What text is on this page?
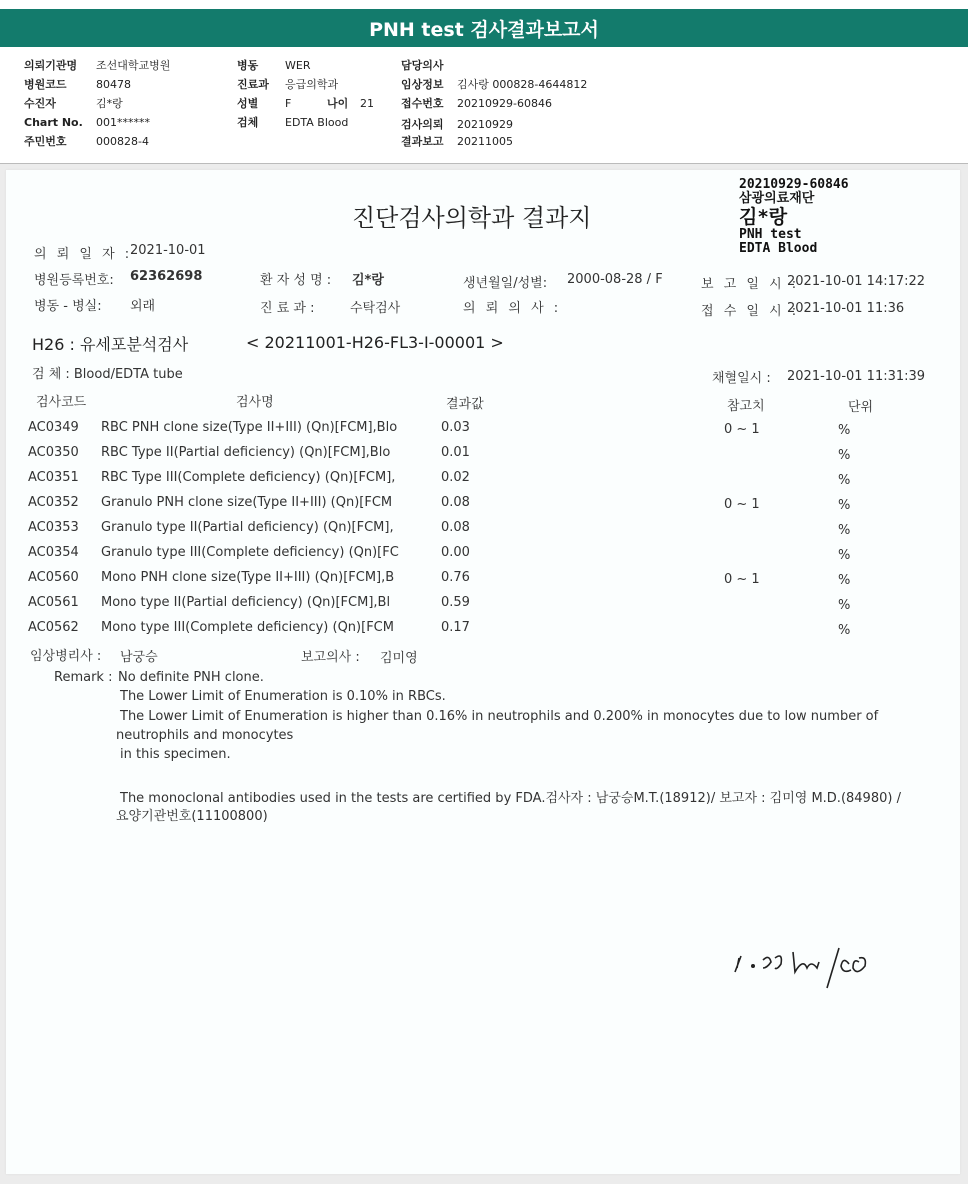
PNH test 검사결과보고서
의뢰기관명 조선대학교병원
병원코드	80478
수진자	김*랑
Chart No. 001******
주민번호	000828-4
병동 WER
진료과 응급의학과
성별 F	나이 21
검체 EDTA Blood
담당의사
임상정보 김사랑 000828-4644812
접수번호 20210929-60846
검사의뢰 20210929
결과보고 20211005
20210929-60846
삼광의료재단
김*랑
PNH test
EDTA Blood
진단검사의학과 결과지
의 뢰 일 자 :
2021-10-01
병원등록번호: 62362698	환 자 성 명 : 김*랑	생년월일/성별: 2000-08-28 / F	보 고 일 시 :
2021-10-01 14:17:22
병동 - 병실: 외래	진 료 과 :	수탁검사	의 뢰 의 사 :	접 수 일 시 :
2021-10-01 11:36
H26 : 유세포분석검사	< 20211001-H26-FL3-I-00001 >
검 체 : Blood/EDTA tube	채혈일시 : 2021-10-01 11:31:39
검사코드	검사명	결과값	참고치	단위
AC0349 RBC PNH clone size(Type II+III) (Qn)[FCM],Blo	0.03	0 ~ 1	%
AC0350 RBC Type II(Partial deficiency) (Qn)[FCM],Blo	0.01	%
AC0351 RBC Type III(Complete deficiency) (Qn)[FCM],	0.02	%
AC0352 Granulo PNH clone size(Type II+III) (Qn)[FCM	0.08	0 ~ 1	%
AC0353 Granulo type II(Partial deficiency) (Qn)[FCM],	0.08	%
AC0354 Granulo type III(Complete deficiency) (Qn)[FC	0.00	%
AC0560 Mono PNH clone size(Type II+III) (Qn)[FCM],B	0.76	0 ~ 1	%
AC0561 Mono type II(Partial deficiency) (Qn)[FCM],Bl	0.59	%
AC0562 Mono type III(Complete deficiency) (Qn)[FCM	0.17	%
임상병리사 : 남궁승	보고의사 : 김미영
Remark : No definite PNH clone.
The Lower Limit of Enumeration is 0.10% in RBCs.
The Lower Limit of Enumeration is higher than 0.16% in neutrophils and 0.200% in monocytes due to low number of
neutrophils and monocytes
in this specimen.
The monoclonal antibodies used in the tests are certified by FDA.검사자 : 남궁승M.T.(18912)/ 보고자 : 김미영 M.D.(84980) /
요양기관번호(11100800)
